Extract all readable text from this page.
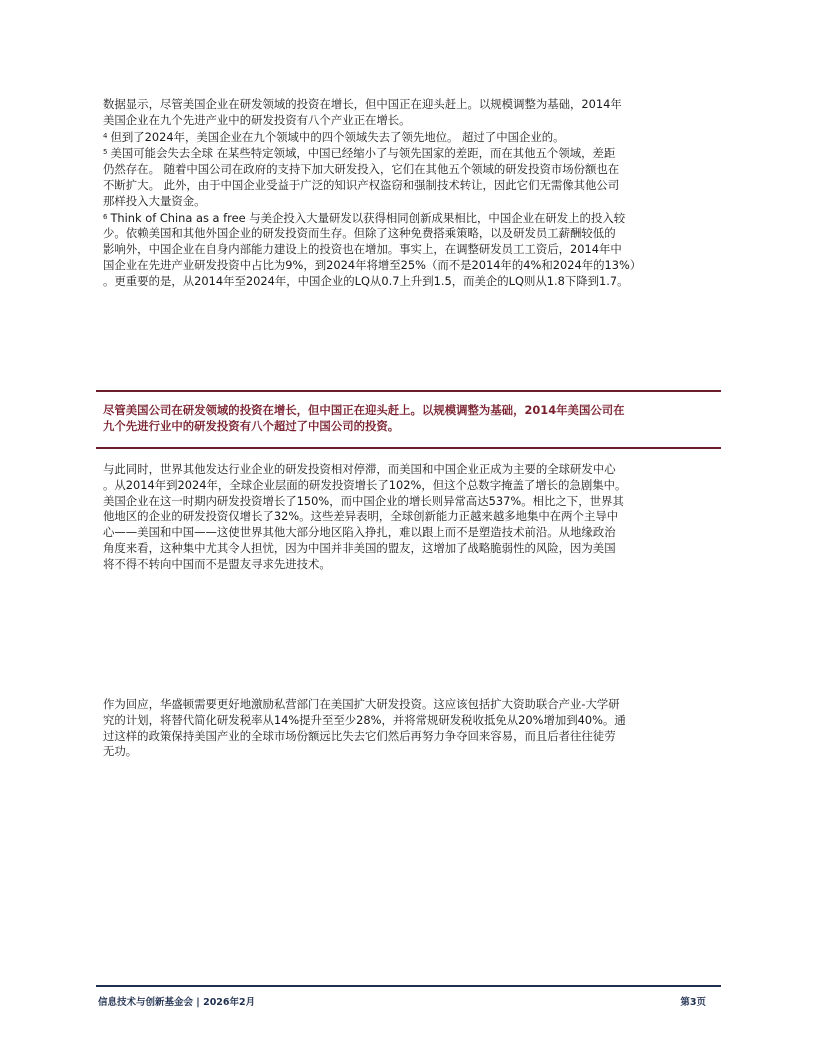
数据显示，尽管美国企业在研发领域的投资在增长，但中国正在迎头赶上。以规模调整为基础，2014年
美国企业在九个先进产业中的研发投资有八个产业正在增长。
$^4$ 但到了2024年，美国企业在九个领域中的四个领域失去了领先地位。 超过了中国企业的。
$^5$ 美国可能会失去全球 在某些特定领域，中国已经缩小了与领先国家的差距，而在其他五个领域，差距
仍然存在。 随着中国公司在政府的支持下加大研发投入，它们在其他五个领域的研发投资市场份额也在
不断扩大。 此外，由于中国企业受益于广泛的知识产权盗窃和强制技术转让，因此它们无需像其他公司
那样投入大量资金。
$^6$ Think of China as a free 与美企投入大量研发以获得相同创新成果相比，中国企业在研发上的投入较
少。依赖美国和其他外国企业的研发投资而生存。但除了这种免费搭乘策略，以及研发员工薪酬较低的
影响外，中国企业在自身内部能力建设上的投资也在增加。事实上，在调整研发员工工资后，2014年中
国企业在先进产业研发投资中占比为9%，到2024年将增至25%（而不是2014年的4%和2024年的13%）
。更重要的是，从2014年至2024年，中国企业的LQ从0.7上升到1.5，而美企的LQ则从1.8下降到1.7。

尽管美国公司在研发领域的投资在增长，但中国正在迎头赶上。以规模调整为基础，2014年美国公司在
九个先进行业中的研发投资有八个超过了中国公司的投资。

与此同时，世界其他发达行业企业的研发投资相对停滞，而美国和中国企业正成为主要的全球研发中心
。从2014年到2024年，全球企业层面的研发投资增长了102%，但这个总数字掩盖了增长的急剧集中。
美国企业在这一时期内研发投资增长了150%，而中国企业的增长则异常高达537%。相比之下，世界其
他地区的企业的研发投资仅增长了32%。这些差异表明，全球创新能力正越来越多地集中在两个主导中
心——美国和中国——这使世界其他大部分地区陷入挣扎，难以跟上而不是塑造技术前沿。从地缘政治
角度来看，这种集中尤其令人担忧，因为中国并非美国的盟友，这增加了战略脆弱性的风险，因为美国
将不得不转向中国而不是盟友寻求先进技术。

作为回应，华盛顿需要更好地激励私营部门在美国扩大研发投资。这应该包括扩大资助联合产业-大学研
究的计划，将替代简化研发税率从14%提升至至少28%，并将常规研发税收抵免从20%增加到40%。通
过这样的政策保持美国产业的全球市场份额远比失去它们然后再努力争夺回来容易，而且后者往往徒劳
无功。

信息技术与创新基金会 | 2026年2月	第3页
